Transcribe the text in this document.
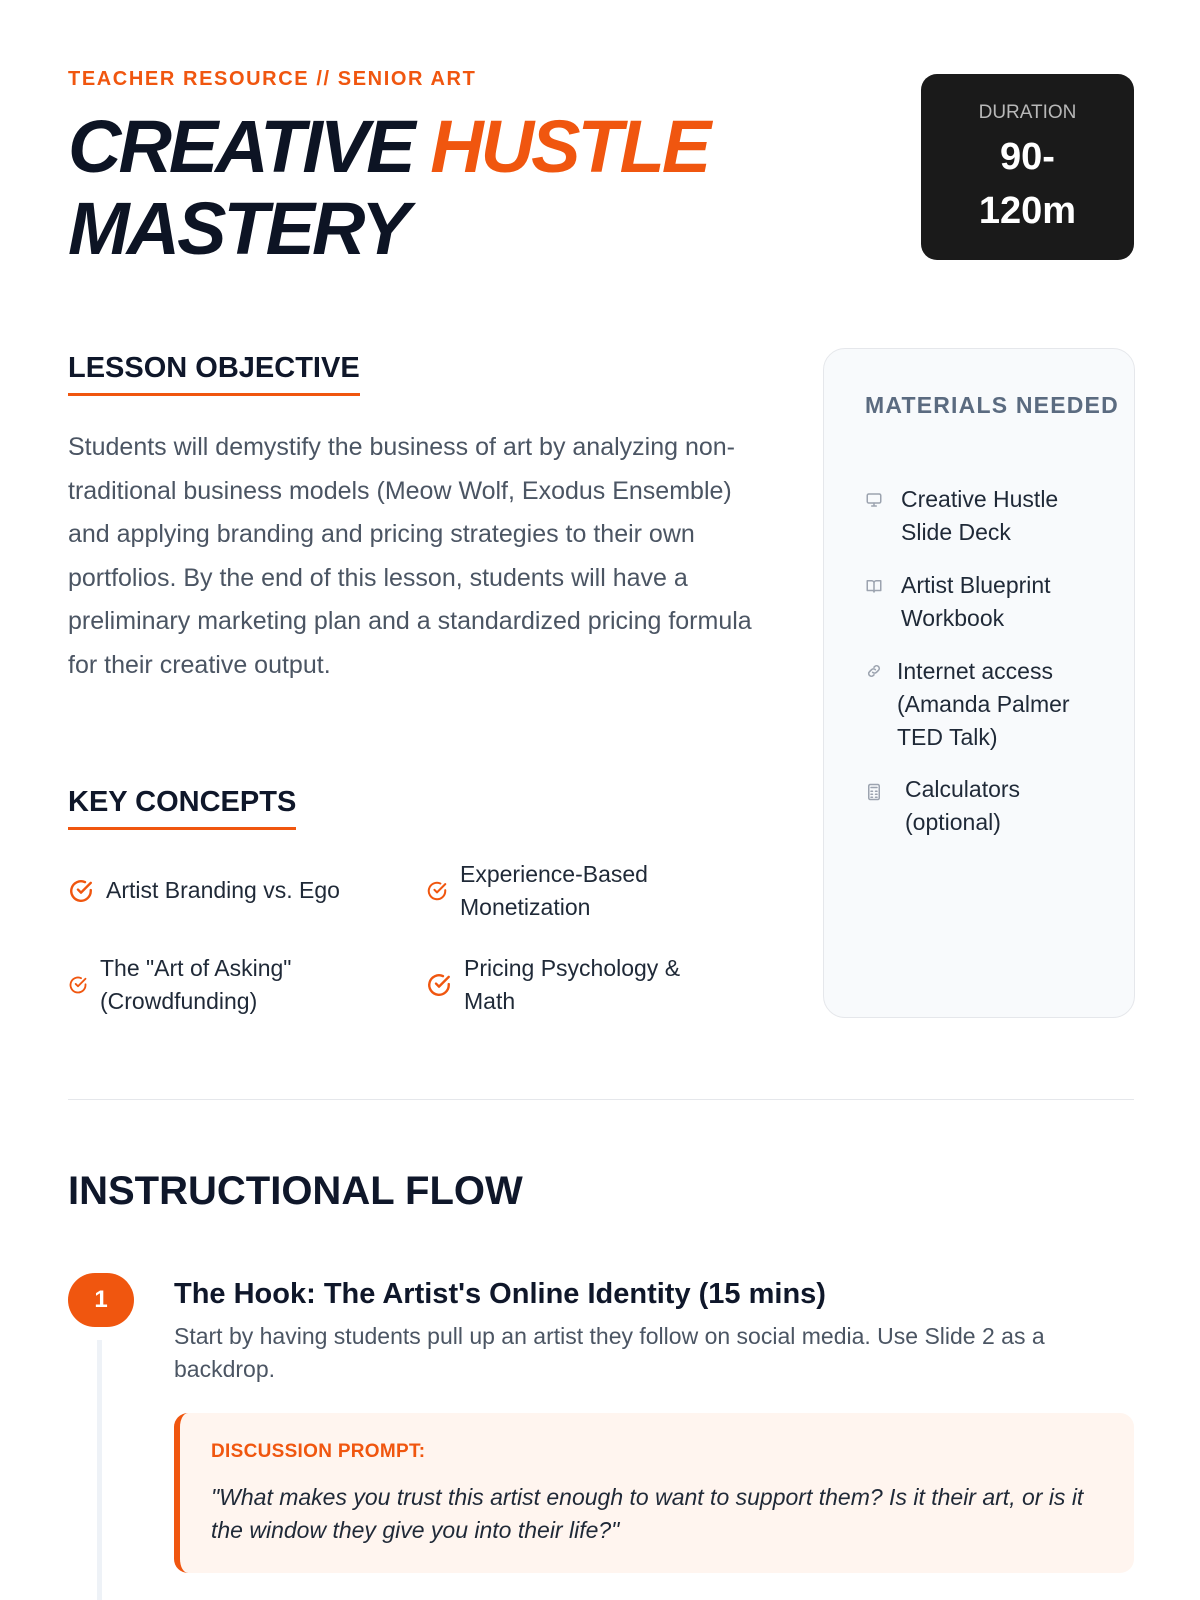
TEACHER RESOURCE // SENIOR ART
CREATIVE HUSTLE
MASTERY
DURATION
90-
120m
LESSON OBJECTIVE

Students will demystify the business of art by analyzing non-traditional business models (Meow Wolf, Exodus Ensemble) and applying branding and pricing strategies to their own portfolios. By the end of this lesson, students will have a preliminary marketing plan and a standardized pricing formula for their creative output.

KEY CONCEPTS
Artist Branding vs. Ego
Experience-Based Monetization
The "Art of Asking" (Crowdfunding)
Pricing Psychology & Math
MATERIALS NEEDED
Creative Hustle Slide Deck
Artist Blueprint Workbook
Internet access (Amanda Palmer TED Talk)
Calculators (optional)
INSTRUCTIONAL FLOW
1	The Hook: The Artist's Online Identity (15 mins)

Start by having students pull up an artist they follow on social media. Use Slide 2 as a backdrop.

DISCUSSION PROMPT:

"What makes you trust this artist enough to want to support them? Is it their art, or is it the window they give you into their life?"
